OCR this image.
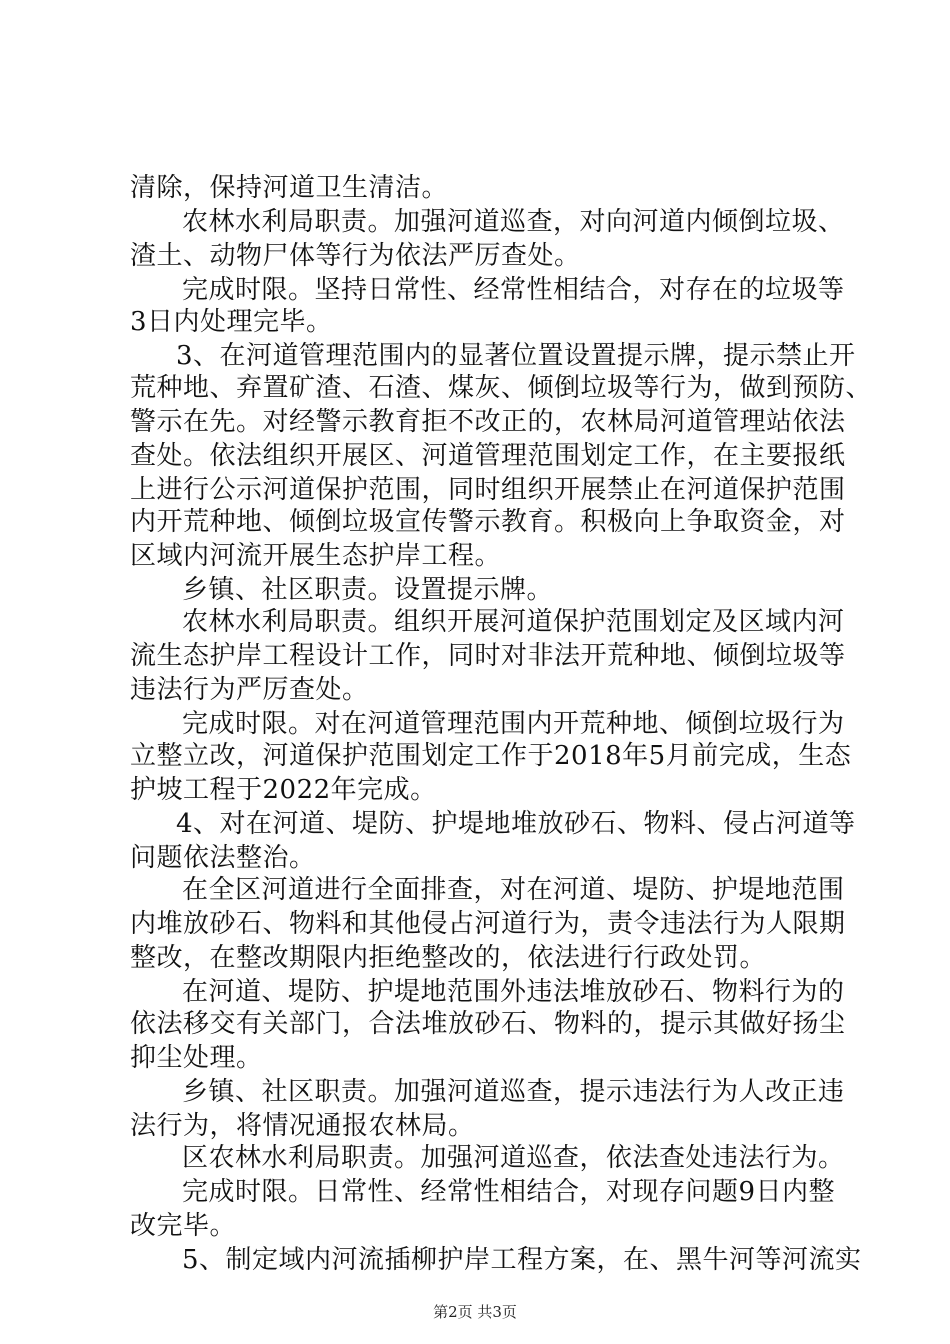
清除，保持河道卫生清洁。
农林水利局职责。加强河道巡查，对向河道内倾倒垃圾、
渣土、动物尸体等行为依法严厉查处。
完成时限。坚持日常性、经常性相结合，对存在的垃圾等
3日内处理完毕。
3、在河道管理范围内的显著位置设置提示牌，提示禁止开
荒种地、弃置矿渣、石渣、煤灰、倾倒垃圾等行为，做到预防、
警示在先。对经警示教育拒不改正的，农林局河道管理站依法
查处。依法组织开展区、河道管理范围划定工作，在主要报纸
上进行公示河道保护范围，同时组织开展禁止在河道保护范围
内开荒种地、倾倒垃圾宣传警示教育。积极向上争取资金，对
区域内河流开展生态护岸工程。
乡镇、社区职责。设置提示牌。
农林水利局职责。组织开展河道保护范围划定及区域内河
流生态护岸工程设计工作，同时对非法开荒种地、倾倒垃圾等
违法行为严厉查处。
完成时限。对在河道管理范围内开荒种地、倾倒垃圾行为
立整立改，河道保护范围划定工作于2018年5月前完成，生态
护坡工程于2022年完成。
4、对在河道、堤防、护堤地堆放砂石、物料、侵占河道等
问题依法整治。
在全区河道进行全面排查，对在河道、堤防、护堤地范围
内堆放砂石、物料和其他侵占河道行为，责令违法行为人限期
整改，在整改期限内拒绝整改的，依法进行行政处罚。
在河道、堤防、护堤地范围外违法堆放砂石、物料行为的
依法移交有关部门，合法堆放砂石、物料的，提示其做好扬尘
抑尘处理。
乡镇、社区职责。加强河道巡查，提示违法行为人改正违
法行为，将情况通报农林局。
区农林水利局职责。加强河道巡查，依法查处违法行为。
完成时限。日常性、经常性相结合，对现存问题9日内整
改完毕。
5、制定域内河流插柳护岸工程方案，在、黑牛河等河流实
第2页 共3页
